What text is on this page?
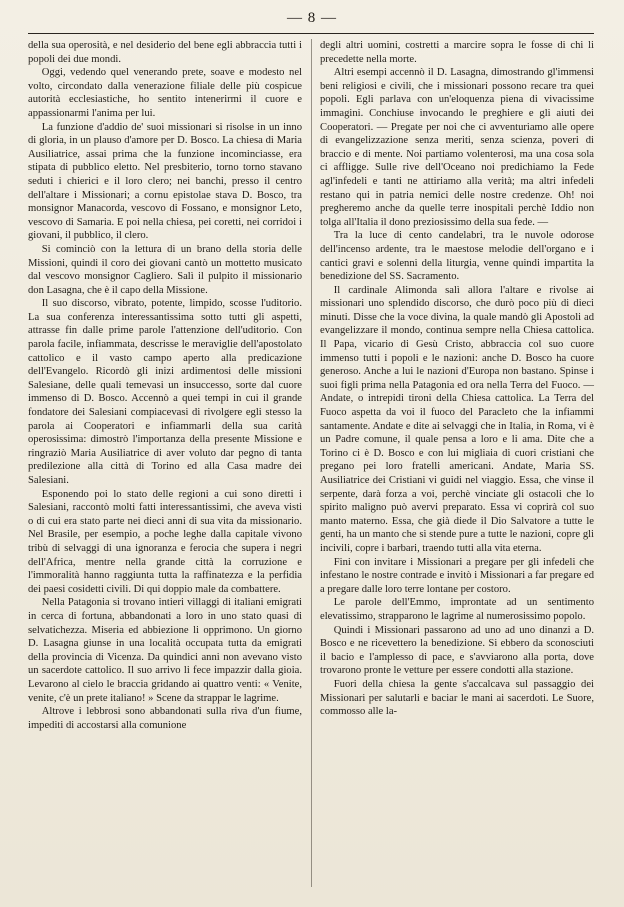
— 8 —

della sua operosità, e nel desiderio del bene egli abbraccia tutti i popoli dei due mondi.

Oggi, vedendo quel venerando prete, soave e modesto nel volto, circondato dalla venerazione filiale delle più cospicue autorità ecclesiastiche, ho sentito intenerirmi il cuore e appassionarmi l'anima per lui.

La funzione d'addio de' suoi missionari si risolse in un inno di gloria, in un plauso d'amore per D. Bosco. La chiesa di Maria Ausiliatrice, assai prima che la funzione incominciasse, era stipata di pubblico eletto. Nel presbiterio, torno torno stavano seduti i chierici e il loro clero; nei banchi, presso il centro dell'altare i Missionari; a cornu epistolae stava D. Bosco, tra monsignor Manacorda, vescovo di Fossano, e monsignor Leto, vescovo di Samaria. E poi nella chiesa, pei coretti, nei corridoi i giovani, il pubblico, il clero.

Si cominciò con la lettura di un brano della storia delle Missioni, quindi il coro dei giovani cantò un mottetto musicato dal vescovo monsignor Cagliero. Salì il pulpito il missionario don Lasagna, che è il capo della Missione.

Il suo discorso, vibrato, potente, limpido, scosse l'uditorio. La sua conferenza interessantissima sotto tutti gli aspetti, attrasse fin dalle prime parole l'attenzione dell'uditorio. Con parola facile, infiammata, descrisse le meraviglie dell'apostolato cattolico e il vasto campo aperto alla predicazione dell'Evangelo. Ricordò gli inizi ardimentosi delle missioni Salesiane, delle quali temevasi un insuccesso, sorte dal cuore immenso di D. Bosco. Accennò a quei tempi in cui il grande fondatore dei Salesiani compiacevasi di rivolgere egli stesso la parola ai Cooperatori e infiammarli della sua carità operosissima: dimostrò l'importanza della presente Missione e ringraziò Maria Ausiliatrice di aver voluto dar pegno di tanta predilezione alla città di Torino ed alla Casa madre dei Salesiani.

Esponendo poi lo stato delle regioni a cui sono diretti i Salesiani, raccontò molti fatti interessantissimi, che aveva visti o di cui era stato parte nei dieci anni di sua vita da missionario. Nel Brasile, per esempio, a poche leghe dalla capitale vivono tribù di selvaggi di una ignoranza e ferocia che supera i negri dell'Africa, mentre nella grande città la corruzione e l'immoralità hanno raggiunta tutta la raffinatezza e la perfidia dei paesi cosidetti civili. Di qui doppio male da combattere.

Nella Patagonia si trovano intieri villaggi di italiani emigrati in cerca di fortuna, abbandonati a loro in uno stato quasi di selvatichezza. Miseria ed abbiezione li opprimono. Un giorno D. Lasagna giunse in una località occupata tutta da emigrati della provincia di Vicenza. Da quindici anni non avevano visto un sacerdote cattolico. Il suo arrivo li fece impazzir dalla gioia. Levarono al cielo le braccia gridando ai quattro venti: « Venite, venite, c'è un prete italiano! » Scene da strappar le lagrime.

Altrove i lebbrosi sono abbandonati sulla riva d'un fiume, impediti di accostarsi alla comunione

degli altri uomini, costretti a marcire sopra le fosse di chi li precedette nella morte.

Altri esempi accennò il D. Lasagna, dimostrando gl'immensi beni religiosi e civili, che i missionari possono recare tra quei popoli. Egli parlava con un'eloquenza piena di vivacissime immagini. Conchiuse invocando le preghiere e gli aiuti dei Cooperatori. — Pregate per noi che ci avventuriamo alle opere di evangelizzazione senza meriti, senza scienza, poveri di braccio e di mente. Noi partiamo volenterosi, ma una cosa sola ci affligge. Sulle rive dell'Oceano noi predichiamo la Fede agl'infedeli e tanti ne attiriamo alla verità; ma altri infedeli restano qui in patria nemici delle nostre credenze. Oh! noi pregheremo anche da quelle terre inospitali perchè Iddio non tolga all'Italia il dono preziosissimo della sua fede. —

Tra la luce di cento candelabri, tra le nuvole odorose dell'incenso ardente, tra le maestose melodie dell'organo e i cantici gravi e solenni della liturgia, venne quindi impartita la benedizione del SS. Sacramento.

Il cardinale Alimonda salì allora l'altare e rivolse ai missionari uno splendido discorso, che durò poco più di dieci minuti. Disse che la voce divina, la quale mandò gli Apostoli ad evangelizzare il mondo, continua sempre nella Chiesa cattolica. Il Papa, vicario di Gesù Cristo, abbraccia col suo cuore immenso tutti i popoli e le nazioni: anche D. Bosco ha cuore generoso. Anche a lui le nazioni d'Europa non bastano. Spinse i suoi figli prima nella Patagonia ed ora nella Terra del Fuoco. — Andate, o intrepidi tironi della Chiesa cattolica. La Terra del Fuoco aspetta da voi il fuoco del Paracleto che la infiammi santamente. Andate e dite ai selvaggi che in Italia, in Roma, vi è un Padre comune, il quale pensa a loro e li ama. Dite che a Torino ci è D. Bosco e con lui migliaia di cuori cristiani che pregano pei loro fratelli americani. Andate, Maria SS. Ausiliatrice dei Cristiani vi guidi nel viaggio. Essa, che vinse il serpente, darà forza a voi, perchè vinciate gli ostacoli che lo spirito maligno può avervi preparato. Essa vi coprirà col suo manto materno. Essa, che già diede il Dio Salvatore a tutte le genti, ha un manto che si stende pure a tutte le nazioni, copre gli incivili, copre i barbari, traendo tutti alla vita eterna.

Fini con invitare i Missionari a pregare per gli infedeli che infestano le nostre contrade e invitò i Missionari a far pregare ed a pregare dalle loro terre lontane per costoro.

Le parole dell'Emmo, improntate ad un sentimento elevatissimo, strapparono le lagrime al numerosissimo popolo.

Quindi i Missionari passarono ad uno ad uno dinanzi a D. Bosco e ne ricevettero la benedizione. Si ebbero da sconosciuti il bacio e l'amplesso di pace, e s'avviarono alla porta, dove trovarono pronte le vetture per essere condotti alla stazione.

Fuori della chiesa la gente s'accalcava sul passaggio dei Missionari per salutarli e baciar le mani ai sacerdoti. Le Suore, commosso alle la-
